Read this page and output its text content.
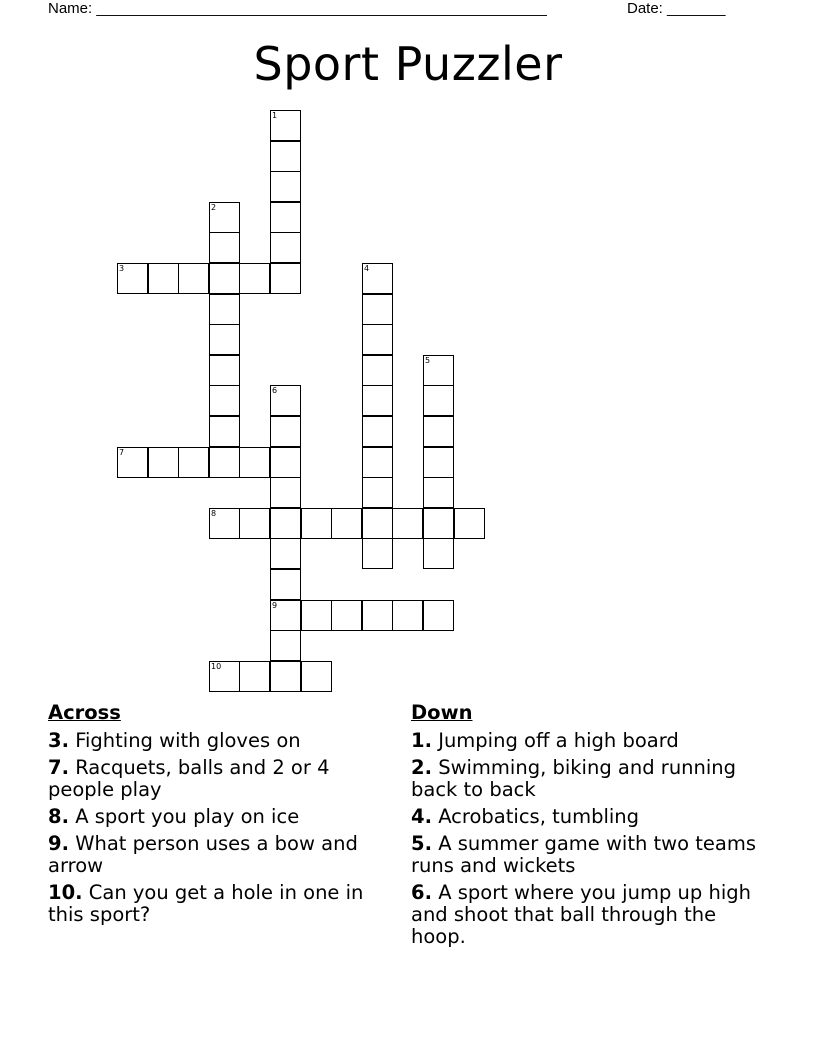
Name: ______________________________________________________	Date: _______
Sport Puzzler
1
2
3	4
5
6
9
7
8
10
Across
3. Fighting with gloves on
7. Racquets, balls and 2 or 4 people play
8. A sport you play on ice
9. What person uses a bow and arrow
10. Can you get a hole in one in this sport?
Down
1. Jumping off a high board
2. Swimming, biking and running back to back
4. Acrobatics, tumbling
5. A summer game with two teams runs and wickets
6. A sport where you jump up high and shoot that ball through the hoop.
